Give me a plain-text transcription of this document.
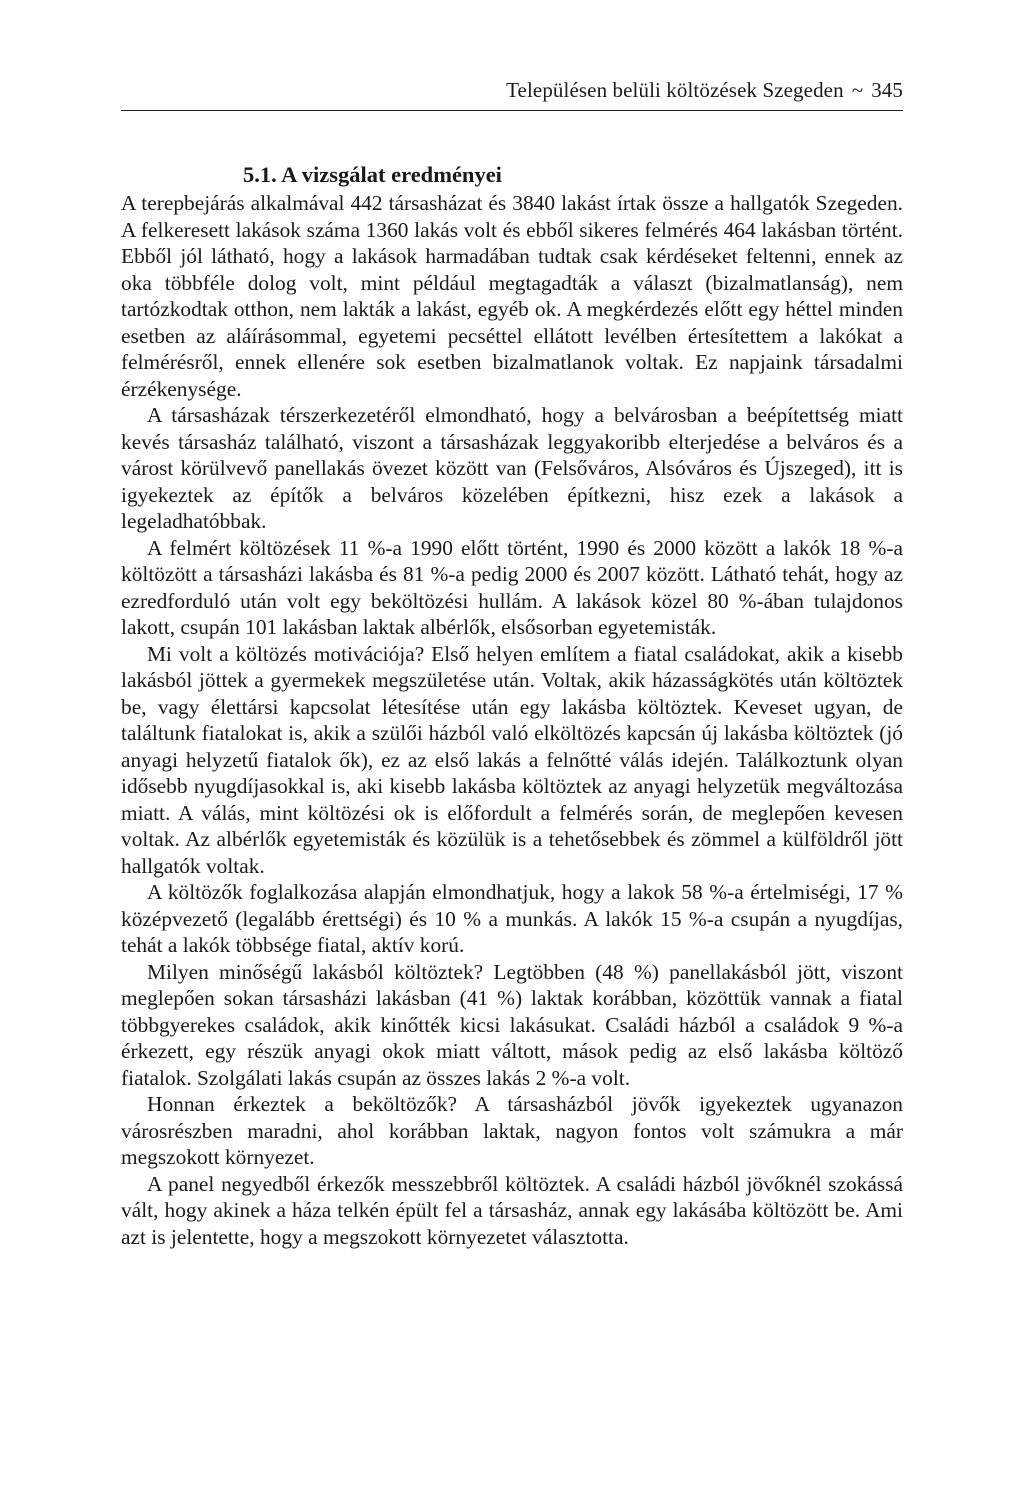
Településen belüli költözések Szegeden ~ 345
5.1. A vizsgálat eredményei

A terepbejárás alkalmával 442 társasházat és 3840 lakást írtak össze a hallgatók Szegeden. A felkeresett lakások száma 1360 lakás volt és ebből sikeres felmérés 464 lakásban történt. Ebből jól látható, hogy a lakások harmadában tudtak csak kérdéseket feltenni, ennek az oka többféle dolog volt, mint például megtagadták a választ (bizalmatlanság), nem tartózkodtak otthon, nem lakták a lakást, egyéb ok. A megkérdezés előtt egy héttel minden esetben az aláírásommal, egyetemi pecséttel ellátott levélben értesítettem a lakókat a felmérésről, ennek ellenére sok esetben bizalmatlanok voltak. Ez napjaink társadalmi érzékenysége.

A társasházak térszerkezetéről elmondható, hogy a belvárosban a beépítettség miatt kevés társasház található, viszont a társasházak leggyakoribb elterjedése a belváros és a várost körülvevő panellakás övezet között van (Felsőváros, Alsóváros és Újszeged), itt is igyekeztek az építők a belváros közelében építkezni, hisz ezek a lakások a legeladhatóbbak.

A felmért költözések 11 %-a 1990 előtt történt, 1990 és 2000 között a lakók 18 %-a költözött a társasházi lakásba és 81 %-a pedig 2000 és 2007 között. Látható tehát, hogy az ezredforduló után volt egy beköltözési hullám. A lakások közel 80 %-ában tulajdonos lakott, csupán 101 lakásban laktak albérlők, elsősorban egyetemisták.

Mi volt a költözés motivációja? Első helyen említem a fiatal családokat, akik a kisebb lakásból jöttek a gyermekek megszületése után. Voltak, akik házasságkötés után költöztek be, vagy élettársi kapcsolat létesítése után egy lakásba költöztek. Keveset ugyan, de találtunk fiatalokat is, akik a szülői házból való elköltözés kapcsán új lakásba költöztek (jó anyagi helyzetű fiatalok ők), ez az első lakás a felnőtté válás idején. Találkoztunk olyan idősebb nyugdíjasokkal is, aki kisebb lakásba költöztek az anyagi helyzetük megváltozása miatt. A válás, mint költözési ok is előfordult a felmérés során, de meglepően kevesen voltak. Az albérlők egyetemisták és közülük is a tehetősebbek és zömmel a külföldről jött hallgatók voltak.

A költözők foglalkozása alapján elmondhatjuk, hogy a lakok 58 %-a értelmiségi, 17 % középvezető (legalább érettségi) és 10 % a munkás. A lakók 15 %-a csupán a nyugdíjas, tehát a lakók többsége fiatal, aktív korú.

Milyen minőségű lakásból költöztek? Legtöbben (48 %) panellakásból jött, viszont meglepően sokan társasházi lakásban (41 %) laktak korábban, közöttük vannak a fiatal többgyerekes családok, akik kinőtték kicsi lakásukat. Családi házból a családok 9 %-a érkezett, egy részük anyagi okok miatt váltott, mások pedig az első lakásba költöző fiatalok. Szolgálati lakás csupán az összes lakás 2 %-a volt.

Honnan érkeztek a beköltözők? A társasházból jövők igyekeztek ugyanazon városrészben maradni, ahol korábban laktak, nagyon fontos volt számukra a már megszokott környezet.

A panel negyedből érkezők messzebbről költöztek. A családi házból jövőknél szokássá vált, hogy akinek a háza telkén épült fel a társasház, annak egy lakásába költözött be. Ami azt is jelentette, hogy a megszokott környezetet választotta.
